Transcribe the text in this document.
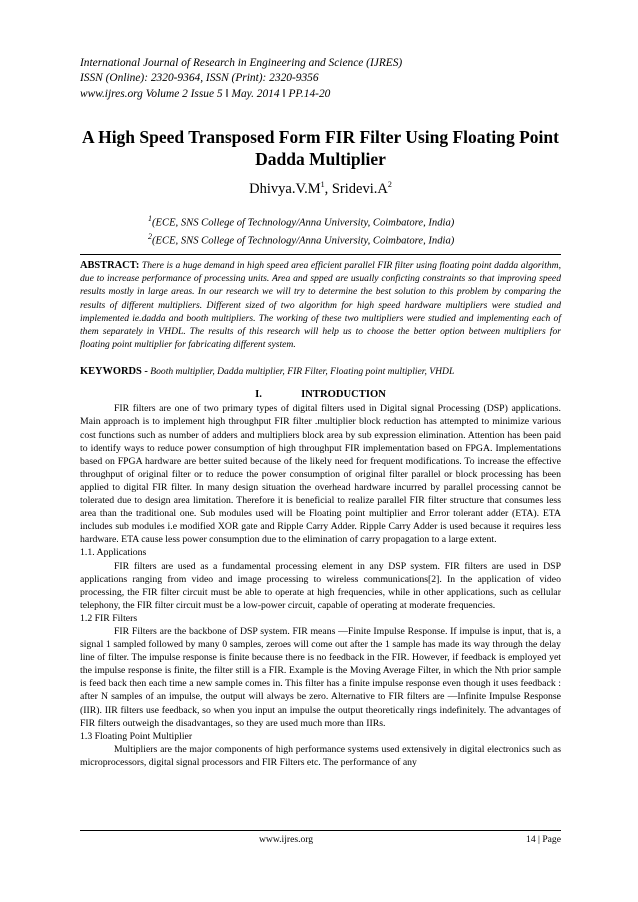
International Journal of Research in Engineering and Science (IJRES)
ISSN (Online): 2320-9364, ISSN (Print): 2320-9356
www.ijres.org Volume 2 Issue 5 ǁ May. 2014 ǁ PP.14-20
A High Speed Transposed Form FIR Filter Using Floating Point Dadda Multiplier
$Dhivya.V.M^1$, $Sridevi.A^2$
$^1$(ECE, SNS College of Technology/Anna University, Coimbatore, India)
$^2$(ECE, SNS College of Technology/Anna University, Coimbatore, India)
ABSTRACT: There is a huge demand in high speed area efficient parallel FIR filter using floating point dadda algorithm, due to increase performance of processing units. Area and spped are usually conficting constraints so that improving speed results mostly in large areas. In our research we will try to determine the best solution to this problem by comparing the results of different multipliers. Different sized of two algorithm for high speed hardware multipliers were studied and implemented ie.dadda and booth multipliers. The working of these two multipliers were studied and implementing each of them separately in VHDL. The results of this research will help us to choose the better option between multipliers for floating point multiplier for fabricating different system.
KEYWORDS - Booth multiplier, Dadda multiplier, FIR Filter, Floating point multiplier, VHDL
I.	INTRODUCTION

FIR filters are one of two primary types of digital filters used in Digital signal Processing (DSP) applications. Main approach is to implement high throughput FIR filter .multiplier block reduction has attempted to minimize various cost functions such as number of adders and multipliers block area by sub expression elimination. Attention has been paid to identify ways to reduce power consumption of high throughput FIR implementation based on FPGA. Implementations based on FPGA hardware are better suited because of the likely need for frequent modifications. To increase the effective throughput of original filter or to reduce the power consumption of original filter parallel or block processing has been applied to digital FIR filter. In many design situation the overhead hardware incurred by parallel processing cannot be tolerated due to design area limitation. Therefore it is beneficial to realize parallel FIR filter structure that consumes less area than the traditional one. Sub modules used will be Floating point multiplier and Error tolerant adder (ETA). ETA includes sub modules i.e modified XOR gate and Ripple Carry Adder. Ripple Carry Adder is used because it requires less hardware. ETA cause less power consumption due to the elimination of carry propagation to a large extent.

1.1. Applications

FIR filters are used as a fundamental processing element in any DSP system. FIR filters are used in DSP applications ranging from video and image processing to wireless communications[2]. In the application of video processing, the FIR filter circuit must be able to operate at high frequencies, while in other applications, such as cellular telephony, the FIR filter circuit must be a low-power circuit, capable of operating at moderate frequencies.

1.2 FIR Filters

FIR Filters are the backbone of DSP system. FIR means ―Finite Impulse Response. If impulse is input, that is, a signal 1 sampled followed by many 0 samples, zeroes will come out after the 1 sample has made its way through the delay line of filter. The impulse response is finite because there is no feedback in the FIR. However, if feedback is employed yet the impulse response is finite, the filter still is a FIR. Example is the Moving Average Filter, in which the Nth prior sample is feed back then each time a new sample comes in. This filter has a finite impulse response even though it uses feedback : after N samples of an impulse, the output will always be zero. Alternative to FIR filters are ―Infinite Impulse Response (IIR). IIR filters use feedback, so when you input an impulse the output theoretically rings indefinitely. The advantages of FIR filters outweigh the disadvantages, so they are used much more than IIRs.

1.3 Floating Point Multiplier

Multipliers are the major components of high performance systems used extensively in digital electronics such as microprocessors, digital signal processors and FIR Filters etc. The performance of any

www.ijres.org	14 | Page
